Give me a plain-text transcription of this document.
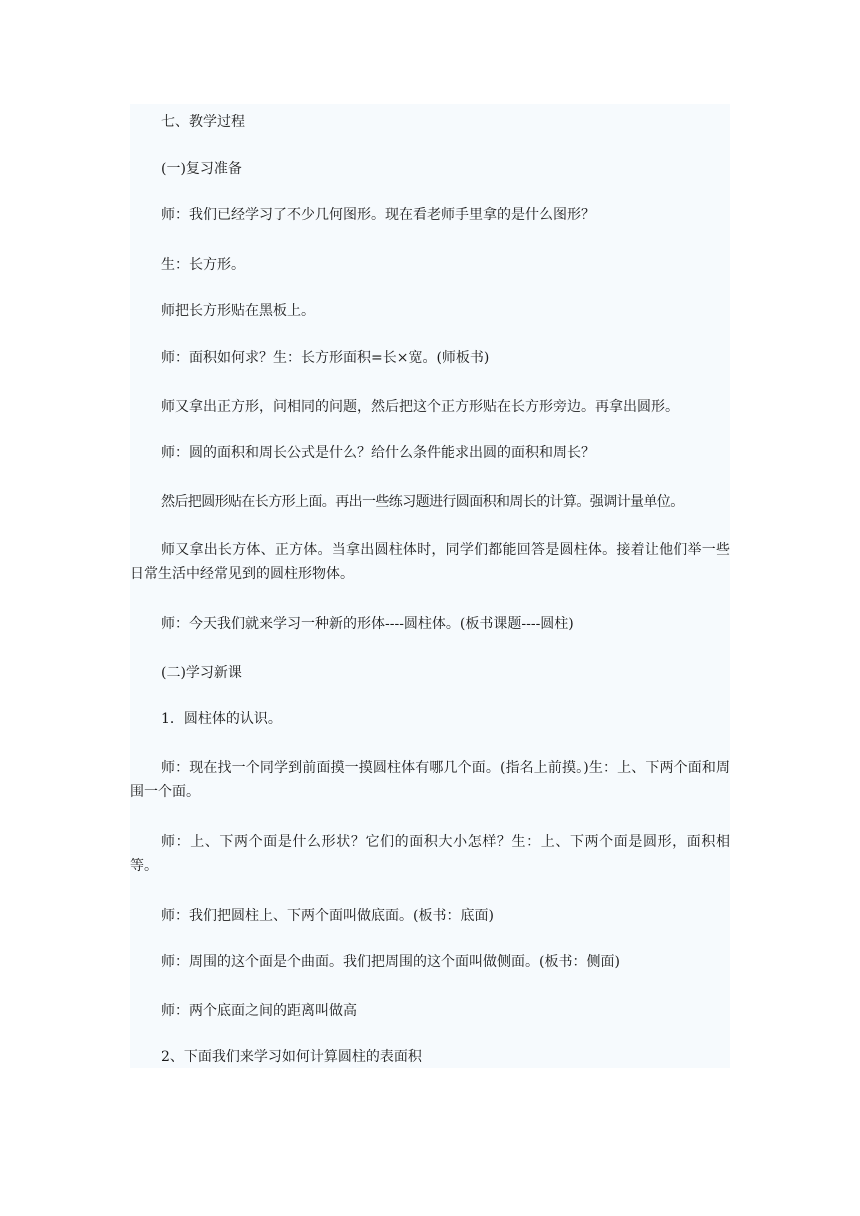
七、教学过程
(一)复习准备
师：我们已经学习了不少几何图形。现在看老师手里拿的是什么图形？
生：长方形。
师把长方形贴在黑板上。
师：面积如何求？生：长方形面积=长×宽。(师板书)
师又拿出正方形，问相同的问题，然后把这个正方形贴在长方形旁边。再拿出圆形。
师：圆的面积和周长公式是什么？给什么条件能求出圆的面积和周长？
然后把圆形贴在长方形上面。再出一些练习题进行圆面积和周长的计算。强调计量单位。
师又拿出长方体、正方体。当拿出圆柱体时，同学们都能回答是圆柱体。接着让他们举一些日常生活中经常见到的圆柱形物体。
师：今天我们就来学习一种新的形体----圆柱体。(板书课题----圆柱)
(二)学习新课
1．圆柱体的认识。
师：现在找一个同学到前面摸一摸圆柱体有哪几个面。(指名上前摸。)生：上、下两个面和周围一个面。
师：上、下两个面是什么形状？它们的面积大小怎样？生：上、下两个面是圆形，面积相等。
师：我们把圆柱上、下两个面叫做底面。(板书：底面)
师：周围的这个面是个曲面。我们把周围的这个面叫做侧面。(板书：侧面)
师：两个底面之间的距离叫做高
2、下面我们来学习如何计算圆柱的表面积
